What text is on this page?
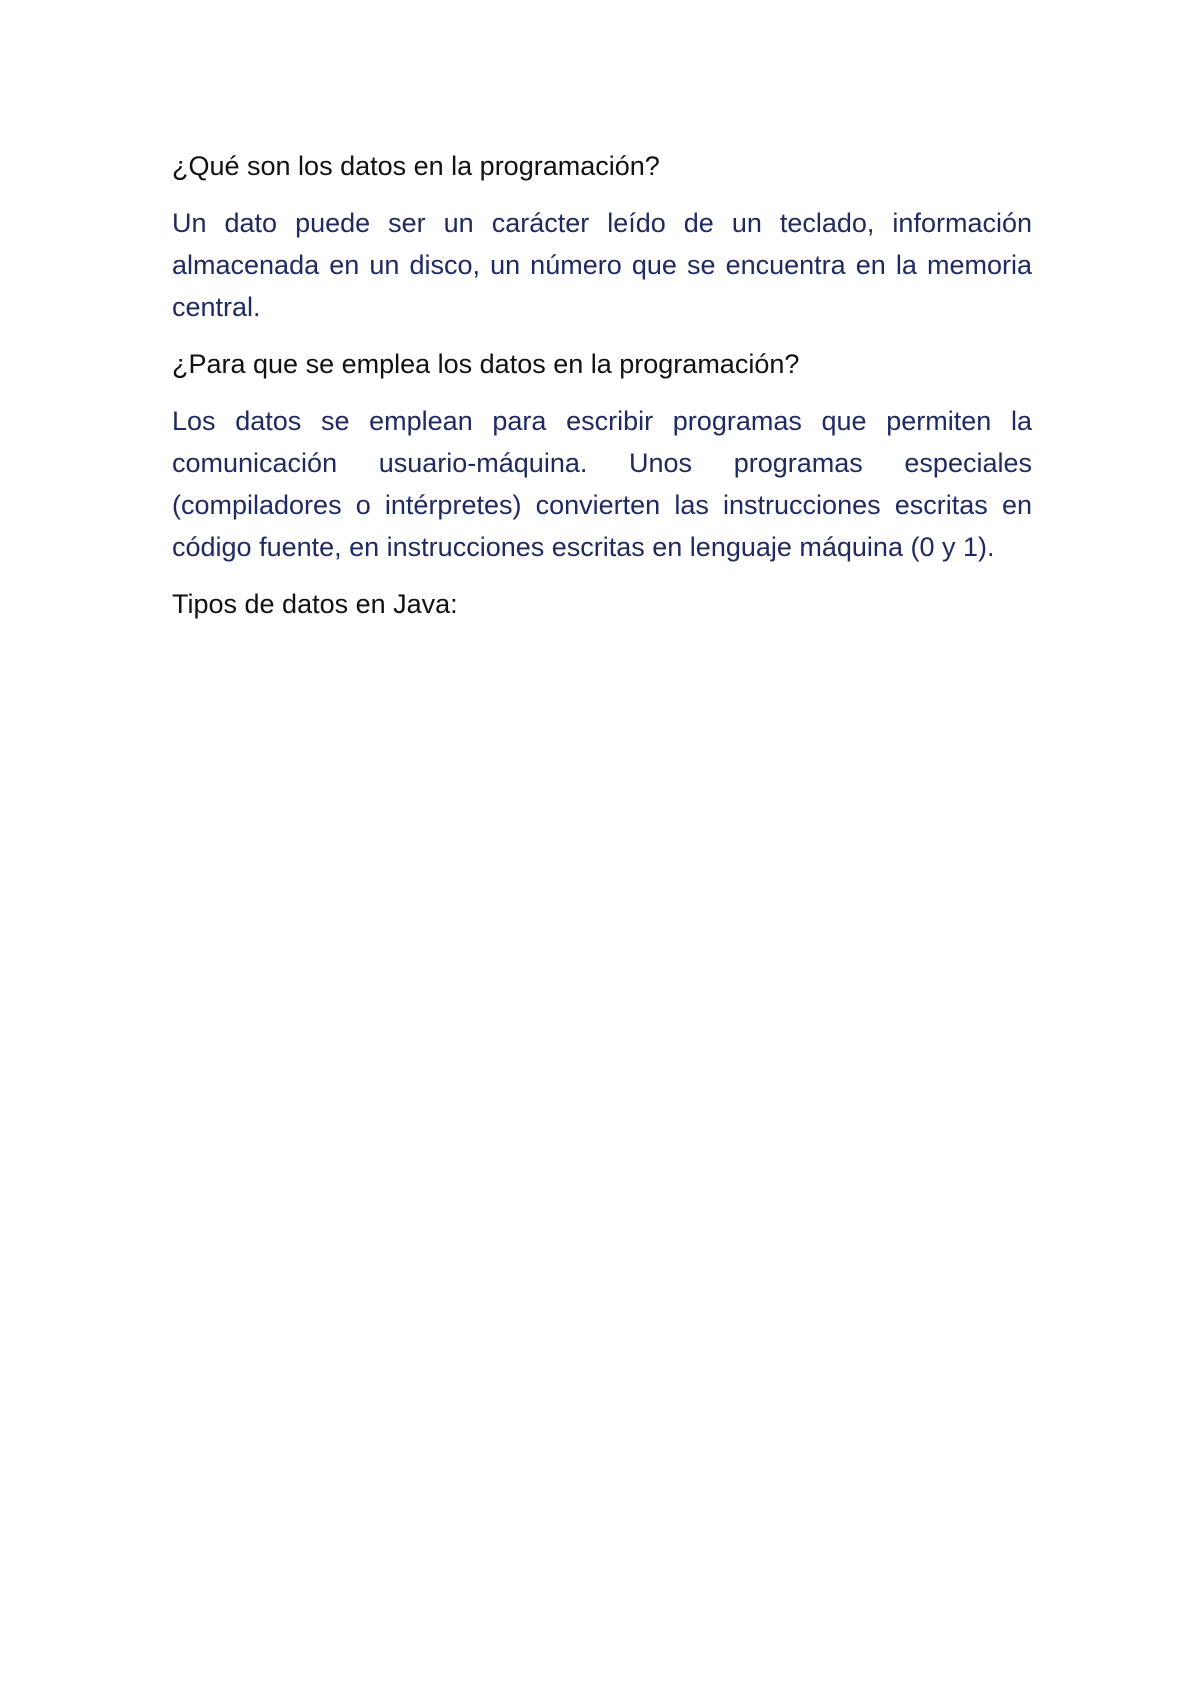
¿Qué son los datos en la programación?

Un dato puede ser un carácter leído de un teclado, información almacenada en un disco, un número que se encuentra en la memoria central.

¿Para que se emplea los datos en la programación?

Los datos se emplean para escribir programas que permiten la comunicación usuario-máquina. Unos programas especiales (compiladores o intérpretes) convierten las instrucciones escritas en código fuente, en instrucciones escritas en lenguaje máquina (0 y 1).

Tipos de datos en Java:
